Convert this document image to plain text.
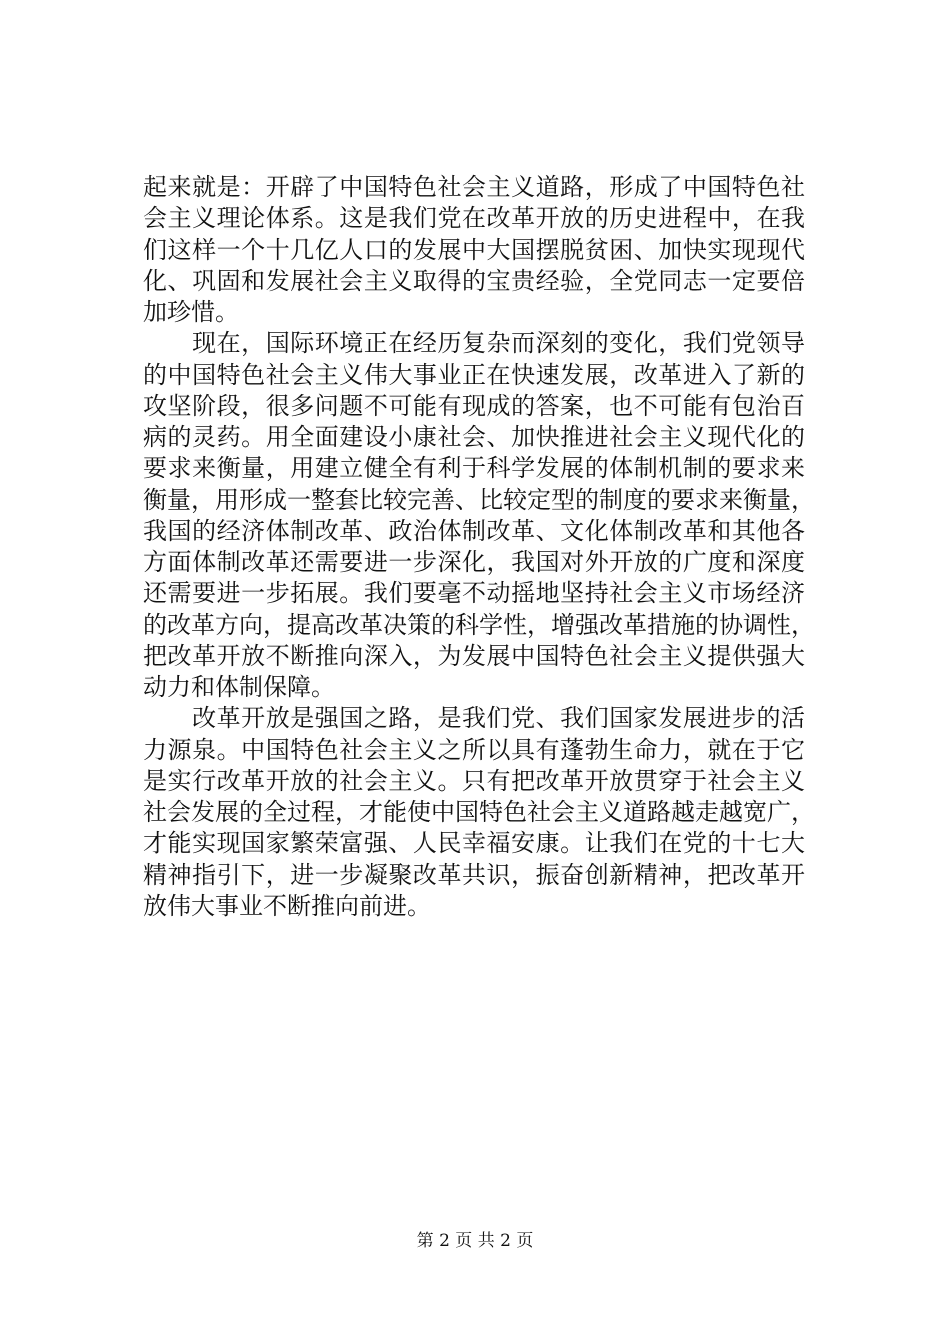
起来就是：开辟了中国特色社会主义道路，形成了中国特色社
会主义理论体系。这是我们党在改革开放的历史进程中，在我
们这样一个十几亿人口的发展中大国摆脱贫困、加快实现现代
化、巩固和发展社会主义取得的宝贵经验，全党同志一定要倍
加珍惜。
　　现在，国际环境正在经历复杂而深刻的变化，我们党领导
的中国特色社会主义伟大事业正在快速发展，改革进入了新的
攻坚阶段，很多问题不可能有现成的答案，也不可能有包治百
病的灵药。用全面建设小康社会、加快推进社会主义现代化的
要求来衡量，用建立健全有利于科学发展的体制机制的要求来
衡量，用形成一整套比较完善、比较定型的制度的要求来衡量，
我国的经济体制改革、政治体制改革、文化体制改革和其他各
方面体制改革还需要进一步深化，我国对外开放的广度和深度
还需要进一步拓展。我们要毫不动摇地坚持社会主义市场经济
的改革方向，提高改革决策的科学性，增强改革措施的协调性，
把改革开放不断推向深入，为发展中国特色社会主义提供强大
动力和体制保障。
　　改革开放是强国之路，是我们党、我们国家发展进步的活
力源泉。中国特色社会主义之所以具有蓬勃生命力，就在于它
是实行改革开放的社会主义。只有把改革开放贯穿于社会主义
社会发展的全过程，才能使中国特色社会主义道路越走越宽广，
才能实现国家繁荣富强、人民幸福安康。让我们在党的十七大
精神指引下，进一步凝聚改革共识，振奋创新精神，把改革开
放伟大事业不断推向前进。
第 2 页 共 2 页
